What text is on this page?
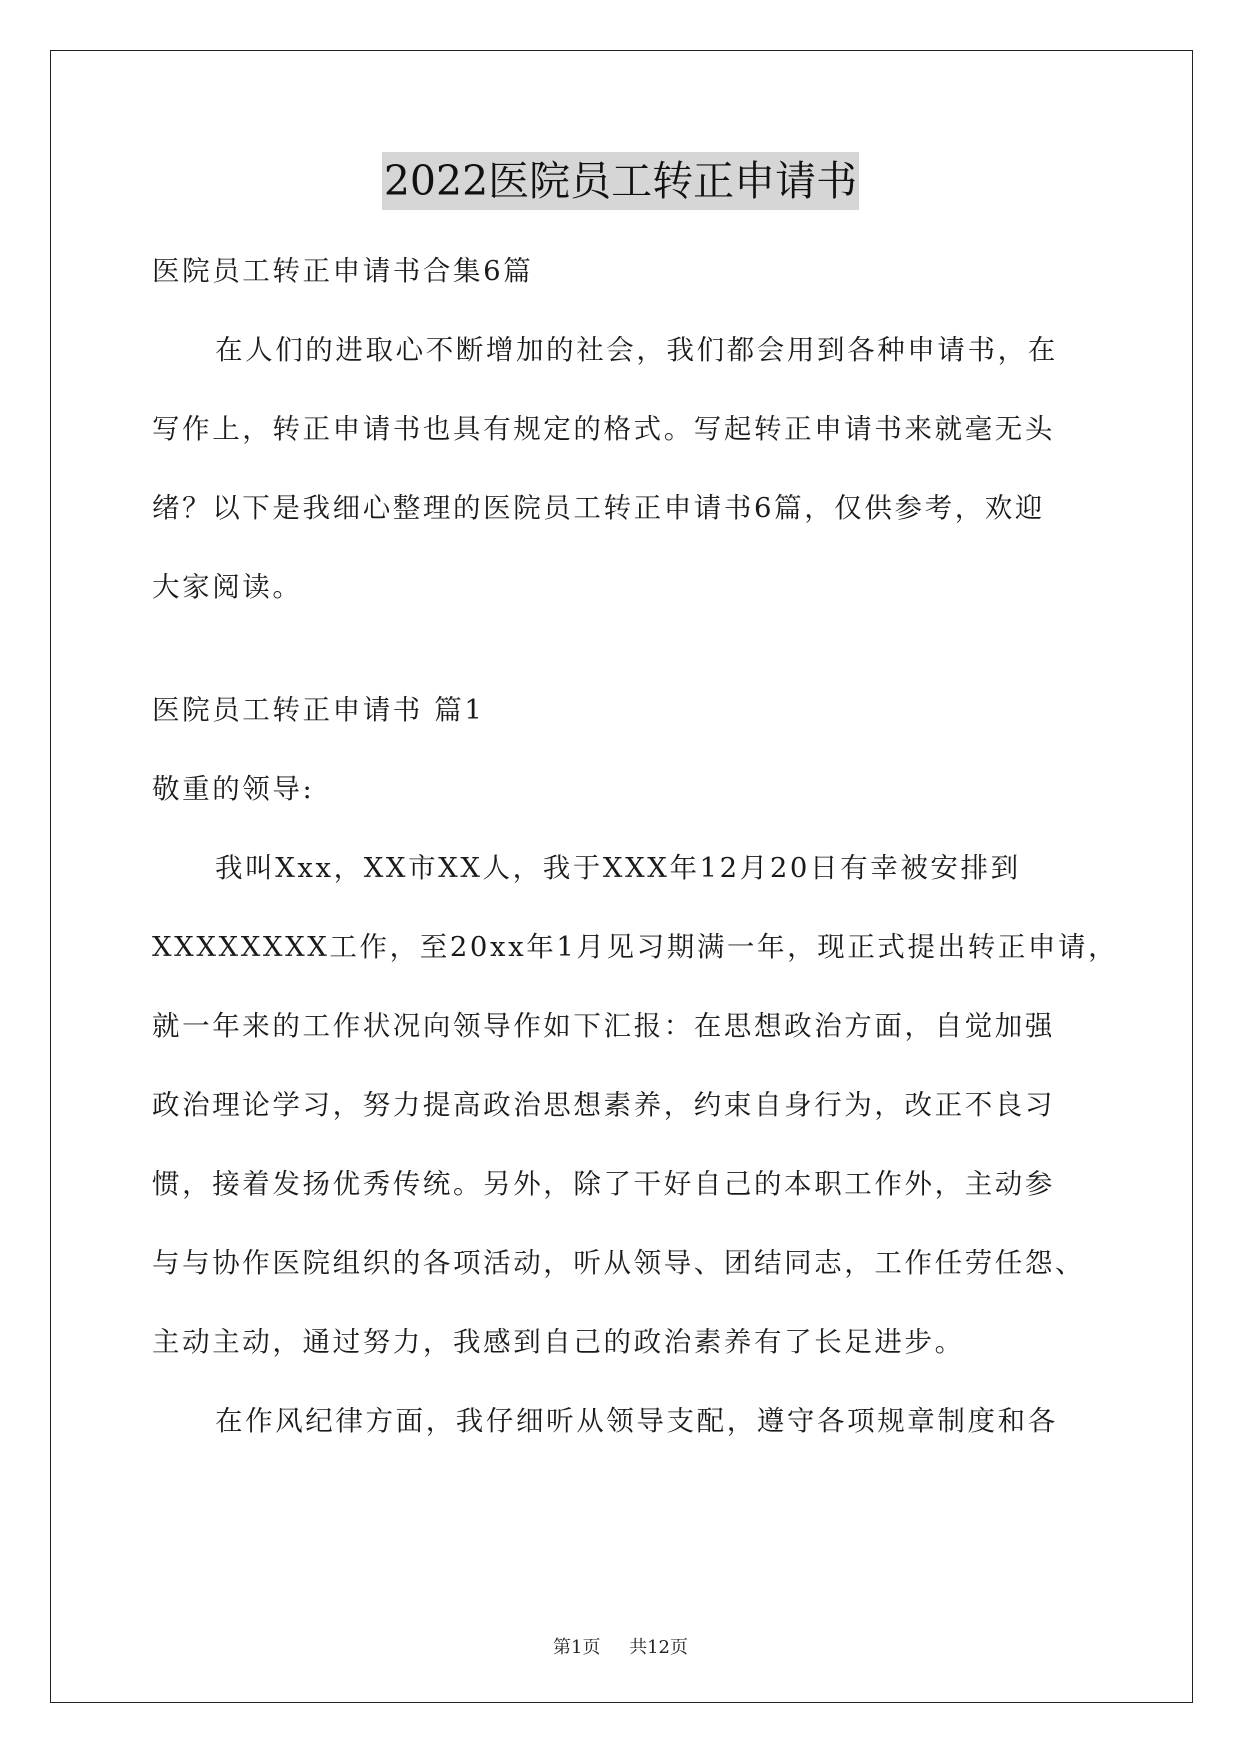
2022医院员工转正申请书
医院员工转正申请书合集6篇
在人们的进取心不断增加的社会，我们都会用到各种申请书，在
写作上，转正申请书也具有规定的格式。写起转正申请书来就毫无头
绪？以下是我细心整理的医院员工转正申请书6篇，仅供参考，欢迎
大家阅读。
医院员工转正申请书 篇1
敬重的领导:
我叫Xxx，XX市XX人，我于XXX年12月20日有幸被安排到
XXXXXXXX工作，至20xx年1月见习期满一年，现正式提出转正申请，
就一年来的工作状况向领导作如下汇报：在思想政治方面，自觉加强
政治理论学习，努力提高政治思想素养，约束自身行为，改正不良习
惯，接着发扬优秀传统。另外，除了干好自己的本职工作外，主动参
与与协作医院组织的各项活动，听从领导、团结同志，工作任劳任怨、
主动主动，通过努力，我感到自己的政治素养有了长足进步。
在作风纪律方面，我仔细听从领导支配，遵守各项规章制度和各
第1页 共12页
